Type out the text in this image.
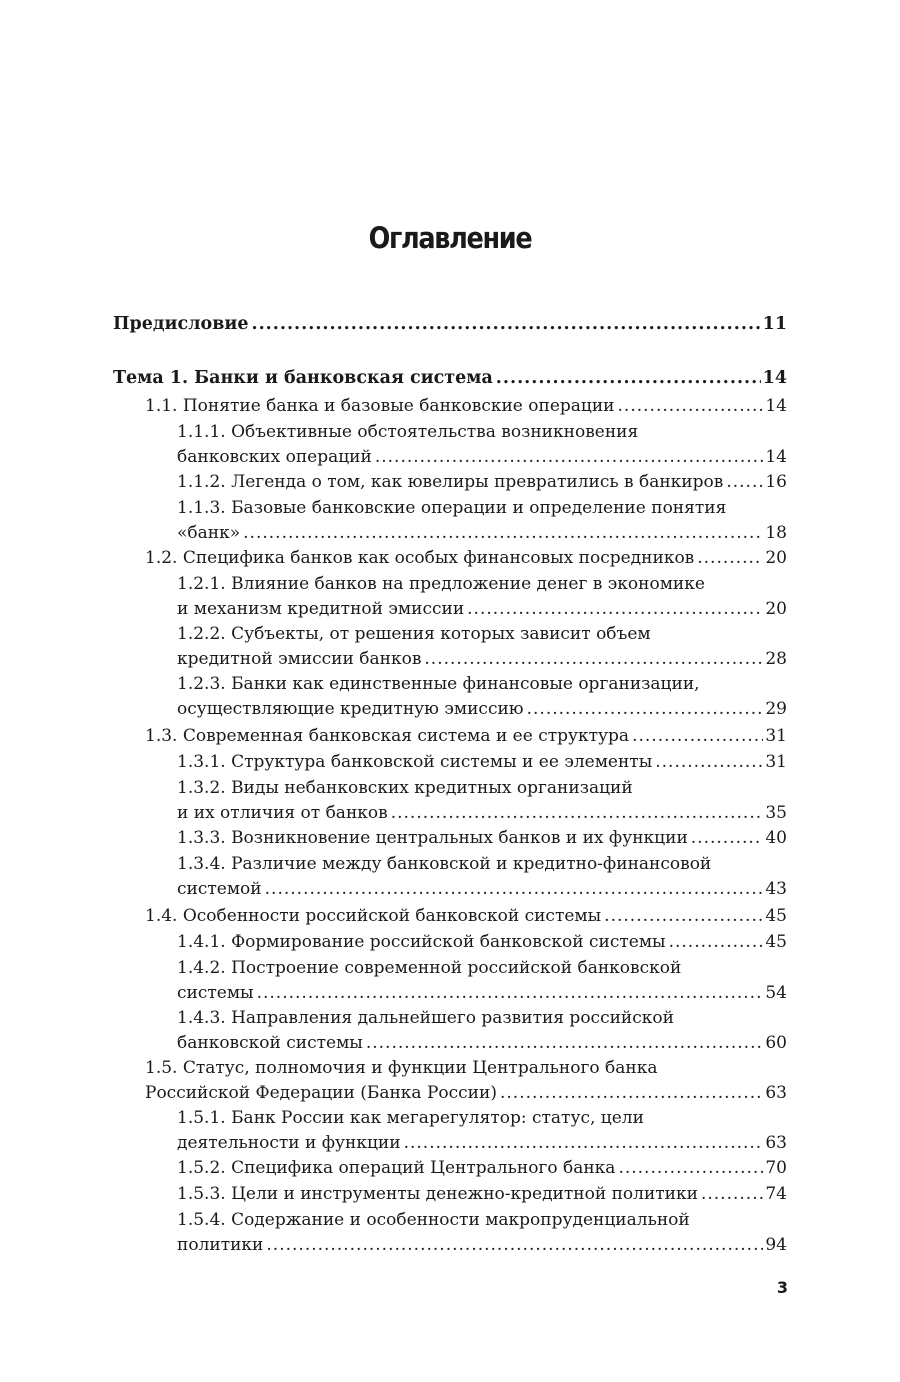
Оглавление
Предисловие .....	11
Тема 1. Банки и банковская система .....	14
1.1. Понятие банка и базовые банковские операции .....	14
1.1.1. Объективные обстоятельства возникновения
банковских операций .....	14
1.1.2. Легенда о том, как ювелиры превратились в банкиров ..... 16
1.1.3. Базовые банковские операции и определение понятия
«банк» .....	18
1.2. Специфика банков как особых финансовых посредников .....	20
1.2.1. Влияние банков на предложение денег в экономике
и механизм кредитной эмиссии .....	20
1.2.2. Субъекты, от решения которых зависит объем
кредитной эмиссии банков .....	28
1.2.3. Банки как единственные финансовые организации,
осуществляющие кредитную эмиссию .....	29
1.3. Современная банковская система и ее структура .....	31
1.3.1. Структура банковской системы и ее элементы .....	31
1.3.2. Виды небанковских кредитных организаций
и их отличия от банков .....	35
1.3.3. Возникновение центральных банков и их функции .....	40
1.3.4. Различие между банковской и кредитно-финансовой
системой .....	43
1.4. Особенности российской банковской системы .....	45
1.4.1. Формирование российской банковской системы .....	45
1.4.2. Построение современной российской банковской
системы .....	54
1.4.3. Направления дальнейшего развития российской
банковской системы .....	60
1.5. Статус, полномочия и функции Центрального банка
Российской Федерации (Банка России) .....	63
1.5.1. Банк России как мегарегулятор: статус, цели
деятельности и функции .....	63
1.5.2. Специфика операций Центрального банка .....	70
1.5.3. Цели и инструменты денежно-кредитной политики .....	74
1.5.4. Содержание и особенности макропруденциальной
политики .....	94
3
